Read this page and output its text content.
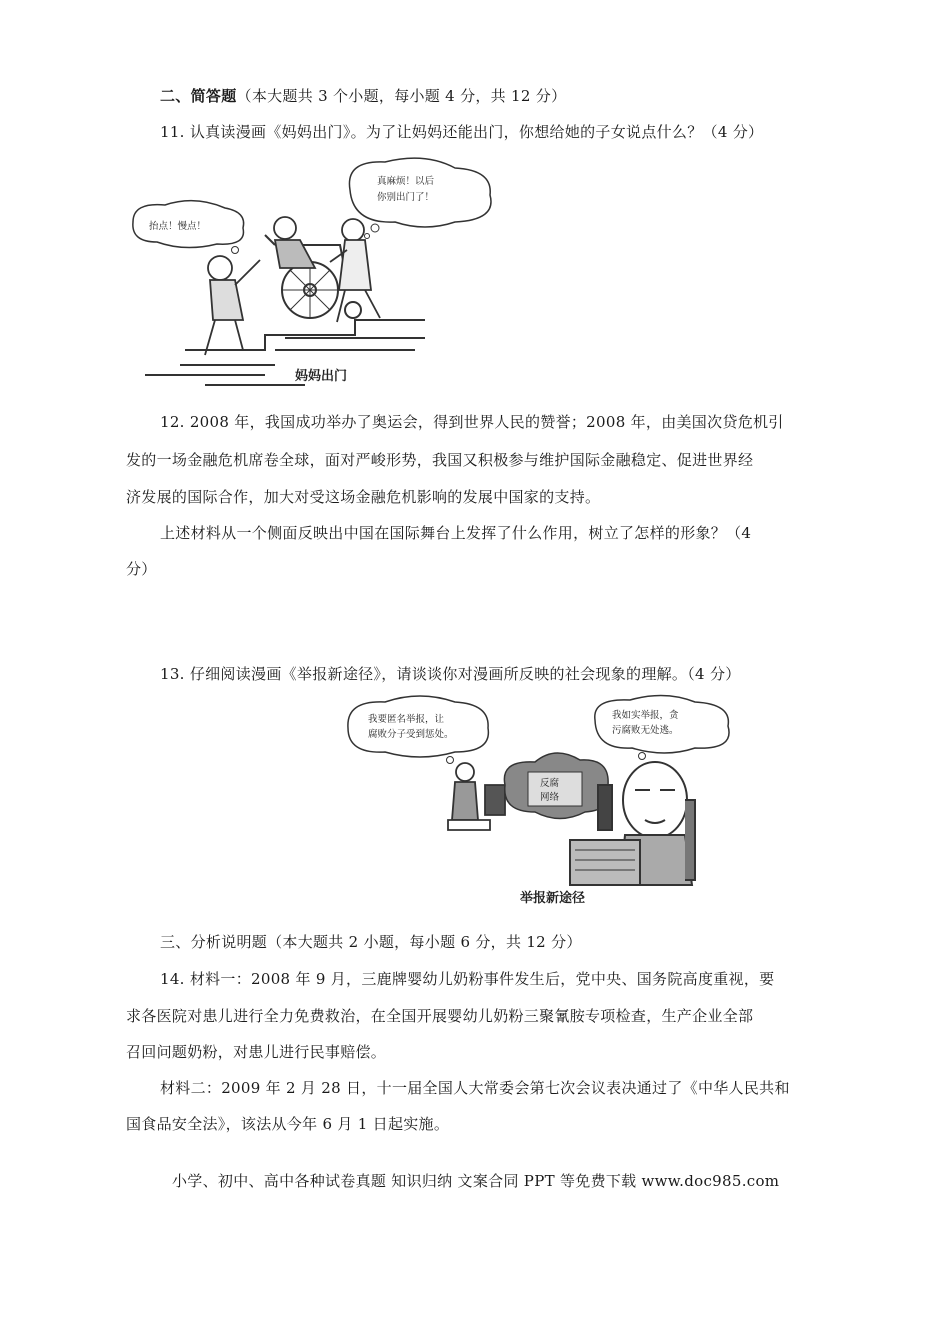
二、简答题（本大题共 3 个小题，每小题 4 分，共 12 分）
11. 认真读漫画《妈妈出门》。为了让妈妈还能出门，你想给她的子女说点什么？（4 分）
真麻烦！以后
你别出门了！
抬点！慢点！
妈妈出门
12. 2008 年，我国成功举办了奥运会，得到世界人民的赞誉；2008 年，由美国次贷危机引
发的一场金融危机席卷全球，面对严峻形势，我国又积极参与维护国际金融稳定、促进世界经
济发展的国际合作，加大对受这场金融危机影响的发展中国家的支持。
上述材料从一个侧面反映出中国在国际舞台上发挥了什么作用，树立了怎样的形象？（4
分）
13. 仔细阅读漫画《举报新途径》，请谈谈你对漫画所反映的社会现象的理解。（4 分）
我要匿名举报，让
腐败分子受到惩处。
我如实举报，贪
污腐败无处逃。
反腐
网络
举报新途径
三、分析说明题（本大题共 2 小题，每小题 6 分，共 12 分）
14. 材料一：2008 年 9 月，三鹿牌婴幼儿奶粉事件发生后，党中央、国务院高度重视，要
求各医院对患儿进行全力免费救治，在全国开展婴幼儿奶粉三聚氰胺专项检查，生产企业全部
召回问题奶粉，对患儿进行民事赔偿。
材料二：2009 年 2 月 28 日，十一届全国人大常委会第七次会议表决通过了《中华人民共和
国食品安全法》，该法从今年 6 月 1 日起实施。
小学、初中、高中各种试卷真题 知识归纳 文案合同 PPT 等免费下载 www.doc985.com
